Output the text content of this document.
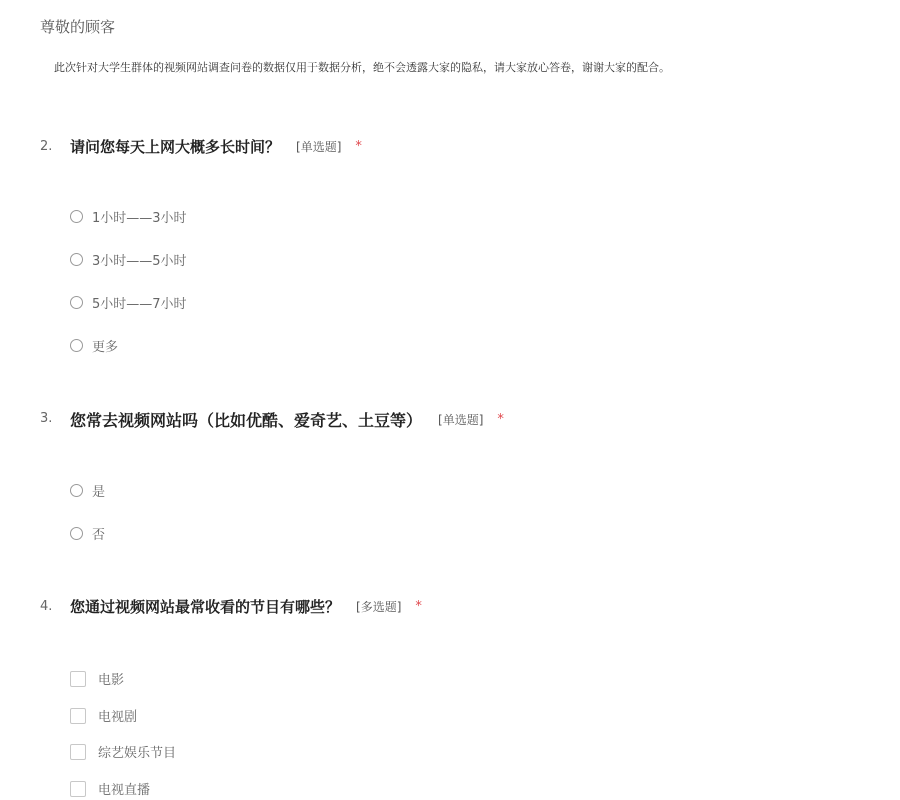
尊敬的顾客
此次针对大学生群体的视频网站调查问卷的数据仅用于数据分析，绝不会透露大家的隐私，请大家放心答卷，谢谢大家的配合。
2. 请问您每天上网大概多长时间？ [单选题] *
1小时——3小时
3小时——5小时
5小时——7小时
更多
3. 您常去视频网站吗（比如优酷、爱奇艺、土豆等） [单选题] *
是
否
4. 您通过视频网站最常收看的节目有哪些？ [多选题] *
电影
电视剧
综艺娱乐节目
电视直播
